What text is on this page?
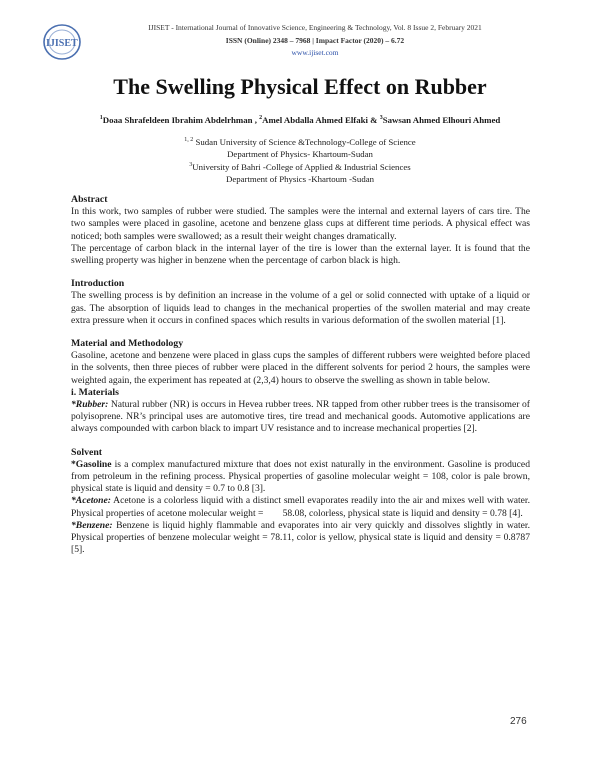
IJISET
IJISET - International Journal of Innovative Science, Engineering & Technology, Vol. 8 Issue 2, February 2021
ISSN (Online) 2348 – 7968 | Impact Factor (2020) – 6.72
www.ijiset.com
The Swelling Physical Effect on Rubber
$^1$Doaa Shrafeldeen Ibrahim Abdelrhman , $^2$Amel Abdalla Ahmed Elfaki & $^3$Sawsan Ahmed Elhouri Ahmed
$^{1, 2}$ Sudan University of Science &Technology-College of Science
Department of Physics- Khartoum-Sudan
$^3$University of Bahri -College of Applied & Industrial Sciences
Department of Physics -Khartoum -Sudan
Abstract

In this work, two samples of rubber were studied. The samples were the internal and external layers of cars tire. The two samples were placed in gasoline, acetone and benzene glass cups at different time periods. A physical effect was noticed; both samples were swallowed; as a result their weight changes dramatically.

The percentage of carbon black in the internal layer of the tire is lower than the external layer. It is found that the swelling property was higher in benzene when the percentage of carbon black is high.

Introduction

The swelling process is by definition an increase in the volume of a gel or solid connected with uptake of a liquid or gas. The absorption of liquids lead to changes in the mechanical properties of the swollen material and may create extra pressure when it occurs in confined spaces which results in various deformation of the swollen material [1].

Material and Methodology

Gasoline, acetone and benzene were placed in glass cups the samples of different rubbers were weighted before placed in the solvents, then three pieces of rubber were placed in the different solvents for period 2 hours, the samples were weighted again, the experiment has repeated at (2,3,4) hours to observe the swelling as shown in table below.

i. Materials

*Rubber: Natural rubber (NR) is occurs in Hevea rubber trees. NR tapped from other rubber trees is the transisomer of polyisoprene. NR’s principal uses are automotive tires, tire tread and mechanical goods. Automotive applications are always compounded with carbon black to impart UV resistance and to increase mechanical properties [2].

Solvent

*Gasoline is a complex manufactured mixture that does not exist naturally in the environment. Gasoline is produced from petroleum in the refining process. Physical properties of gasoline molecular weight = 108, color is pale brown, physical state is liquid and density = 0.7 to 0.8 [3].

*Acetone: Acetone is a colorless liquid with a distinct smell evaporates readily into the air and mixes well with water. Physical properties of acetone molecular weight =        58.08, colorless, physical state is liquid and density = 0.78 [4].

*Benzene: Benzene is liquid highly flammable and evaporates into air very quickly and dissolves slightly in water. Physical properties of benzene molecular weight = 78.11, color is yellow, physical state is liquid and density = 0.8787 [5].

276
